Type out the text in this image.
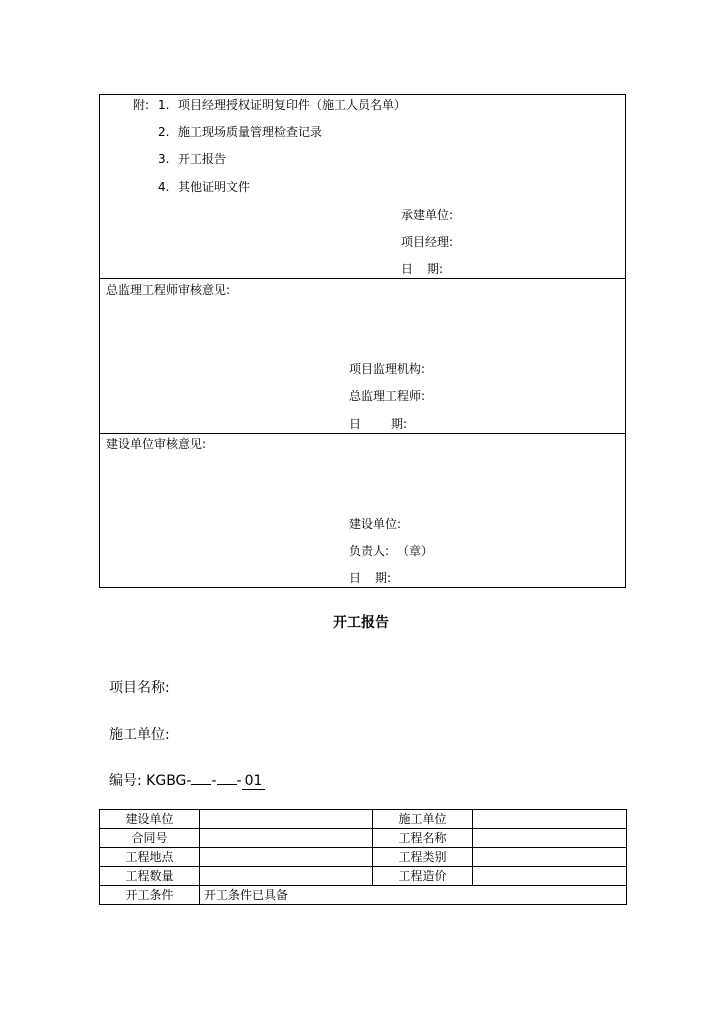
附: 1. 项目经理授权证明复印件（施工人员名单）
2. 施工现场质量管理检查记录
3. 开工报告
4. 其他证明文件
承建单位:
项目经理:
日 期:
总监理工程师审核意见:
项目监理机构:
总监理工程师:
日	期:
建设单位审核意见:
建设单位:
负责人: （章）
日 期:
开工报告
项目名称:
施工单位:
编号: KGBG- - - 01
建设单位		施工单位	
合同号		工程名称	
工程地点		工程类别	
工程数量		工程造价	
开工条件	开工条件已具备		
